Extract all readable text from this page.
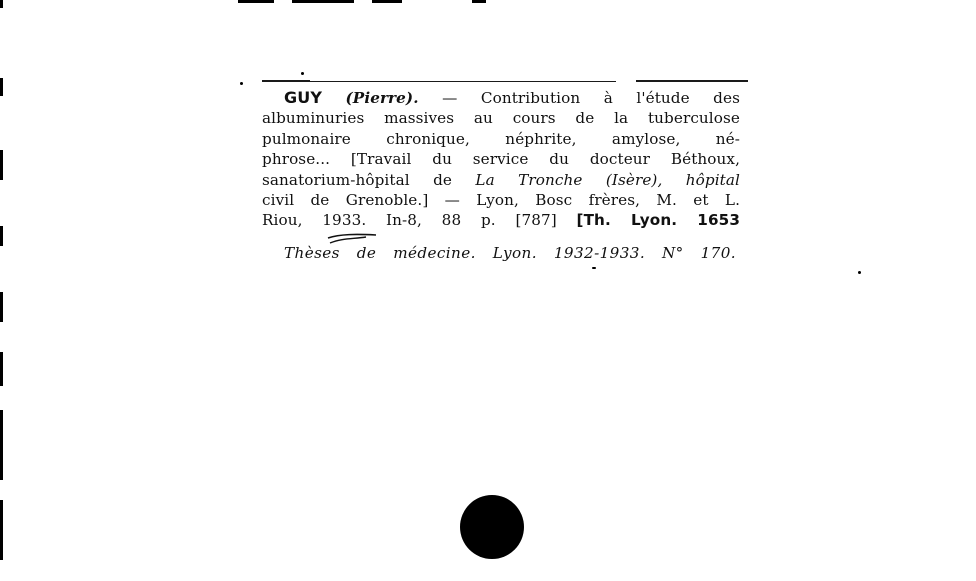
GUY (Pierre). — Contribution à l'étude des
albuminuries massives au cours de la tuberculose
pulmonaire chronique, néphrite, amylose, né-
phrose... [Travail du service du docteur Béthoux,
sanatorium-hôpital de La Tronche (Isère), hôpital
civil de Grenoble.] — Lyon, Bosc frères, M. et L.
Riou, 1933. In-8, 88 p. [787] [Th. Lyon. 1653

Thèses de médecine. Lyon. 1932-1933. N° 170.
